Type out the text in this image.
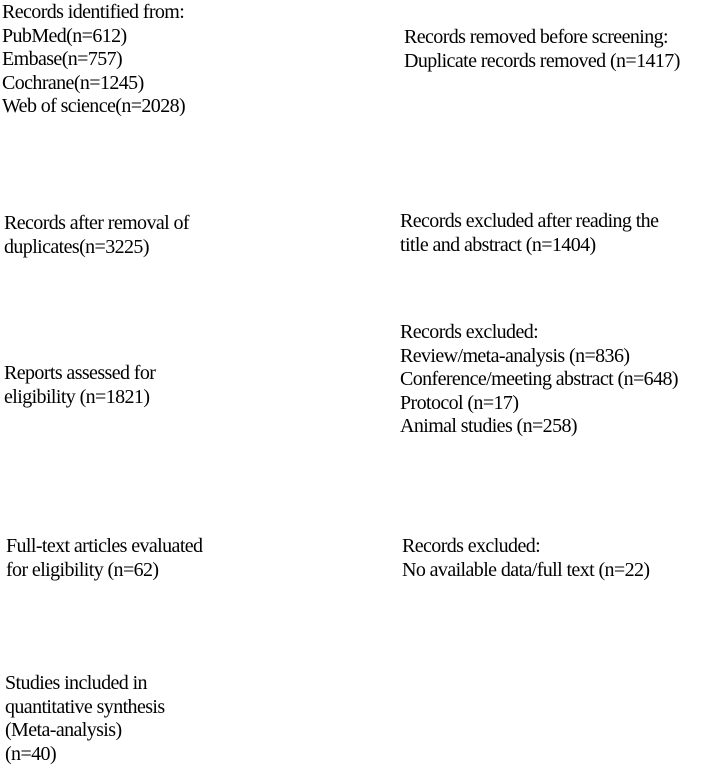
Records identified from:
PubMed(n=612)
Embase(n=757)
Cochrane(n=1245)
Web of science(n=2028)
Records removed before screening:
Duplicate records removed (n=1417)
Records after removal of
duplicates(n=3225)
Records excluded after reading the
title and abstract (n=1404)
Reports assessed for
eligibility (n=1821)
Records excluded:
Review/meta-analysis (n=836)
Conference/meeting abstract (n=648)
Protocol (n=17)
Animal studies (n=258)
Full-text articles evaluated
for eligibility (n=62)
Records excluded:
No available data/full text (n=22)
Studies included in
quantitative synthesis
(Meta-analysis)
(n=40)
